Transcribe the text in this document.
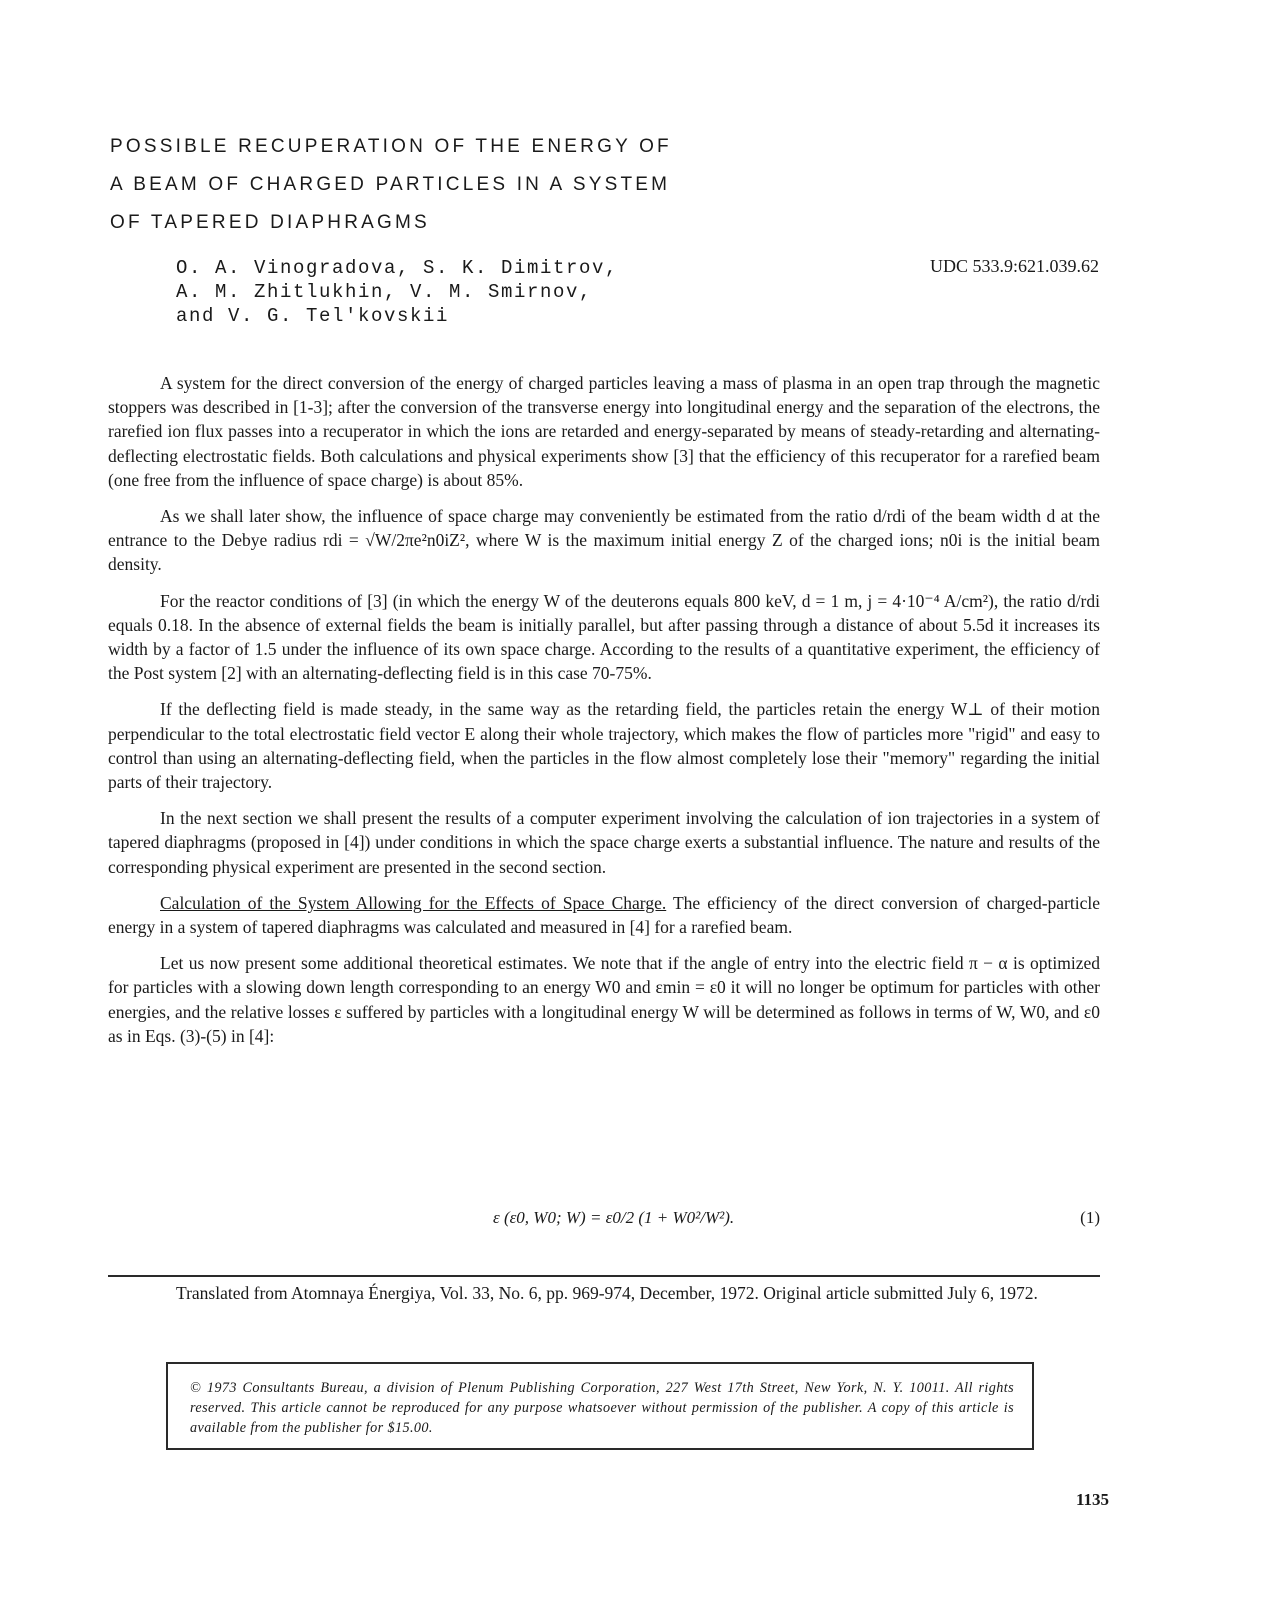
POSSIBLE RECUPERATION OF THE ENERGY OF
A BEAM OF CHARGED PARTICLES IN A SYSTEM
OF TAPERED DIAPHRAGMS
O. A. Vinogradova, S. K. Dimitrov,
A. M. Zhitlukhin, V. M. Smirnov,
and V. G. Tel'kovskii
UDC 533.9:621.039.62

A system for the direct conversion of the energy of charged particles leaving a mass of plasma in an open trap through the magnetic stoppers was described in [1-3]; after the conversion of the transverse energy into longitudinal energy and the separation of the electrons, the rarefied ion flux passes into a recuperator in which the ions are retarded and energy-separated by means of steady-retarding and alternating-deflecting electrostatic fields. Both calculations and physical experiments show [3] that the efficiency of this recuperator for a rarefied beam (one free from the influence of space charge) is about 85%.

As we shall later show, the influence of space charge may conveniently be estimated from the ratio d/rdi of the beam width d at the entrance to the Debye radius rdi = √W/2πe²n0iZ², where W is the maximum initial energy Z of the charged ions; n0i is the initial beam density.

For the reactor conditions of [3] (in which the energy W of the deuterons equals 800 keV, d = 1 m, j = 4·10⁻⁴ A/cm²), the ratio d/rdi equals 0.18. In the absence of external fields the beam is initially parallel, but after passing through a distance of about 5.5d it increases its width by a factor of 1.5 under the influence of its own space charge. According to the results of a quantitative experiment, the efficiency of the Post system [2] with an alternating-deflecting field is in this case 70-75%.

If the deflecting field is made steady, in the same way as the retarding field, the particles retain the energy W⊥ of their motion perpendicular to the total electrostatic field vector E along their whole trajectory, which makes the flow of particles more "rigid" and easy to control than using an alternating-deflecting field, when the particles in the flow almost completely lose their "memory" regarding the initial parts of their trajectory.

In the next section we shall present the results of a computer experiment involving the calculation of ion trajectories in a system of tapered diaphragms (proposed in [4]) under conditions in which the space charge exerts a substantial influence. The nature and results of the corresponding physical experiment are presented in the second section.

Calculation of the System Allowing for the Effects of Space Charge. The efficiency of the direct conversion of charged-particle energy in a system of tapered diaphragms was calculated and measured in [4] for a rarefied beam.

Let us now present some additional theoretical estimates. We note that if the angle of entry into the electric field π − α is optimized for particles with a slowing down length corresponding to an energy W0 and εmin = ε0 it will no longer be optimum for particles with other energies, and the relative losses ε suffered by particles with a longitudinal energy W will be determined as follows in terms of W, W0, and ε0 as in Eqs. (3)-(5) in [4]:

ε (ε0, W0; W) = ε0/2 (1 + W0²/W²).	(1)

Translated from Atomnaya Énergiya, Vol. 33, No. 6, pp. 969-974, December, 1972. Original article submitted July 6, 1972.

© 1973 Consultants Bureau, a division of Plenum Publishing Corporation, 227 West 17th Street, New York, N. Y. 10011. All rights reserved. This article cannot be reproduced for any purpose whatsoever without permission of the publisher. A copy of this article is available from the publisher for $15.00.
1135
